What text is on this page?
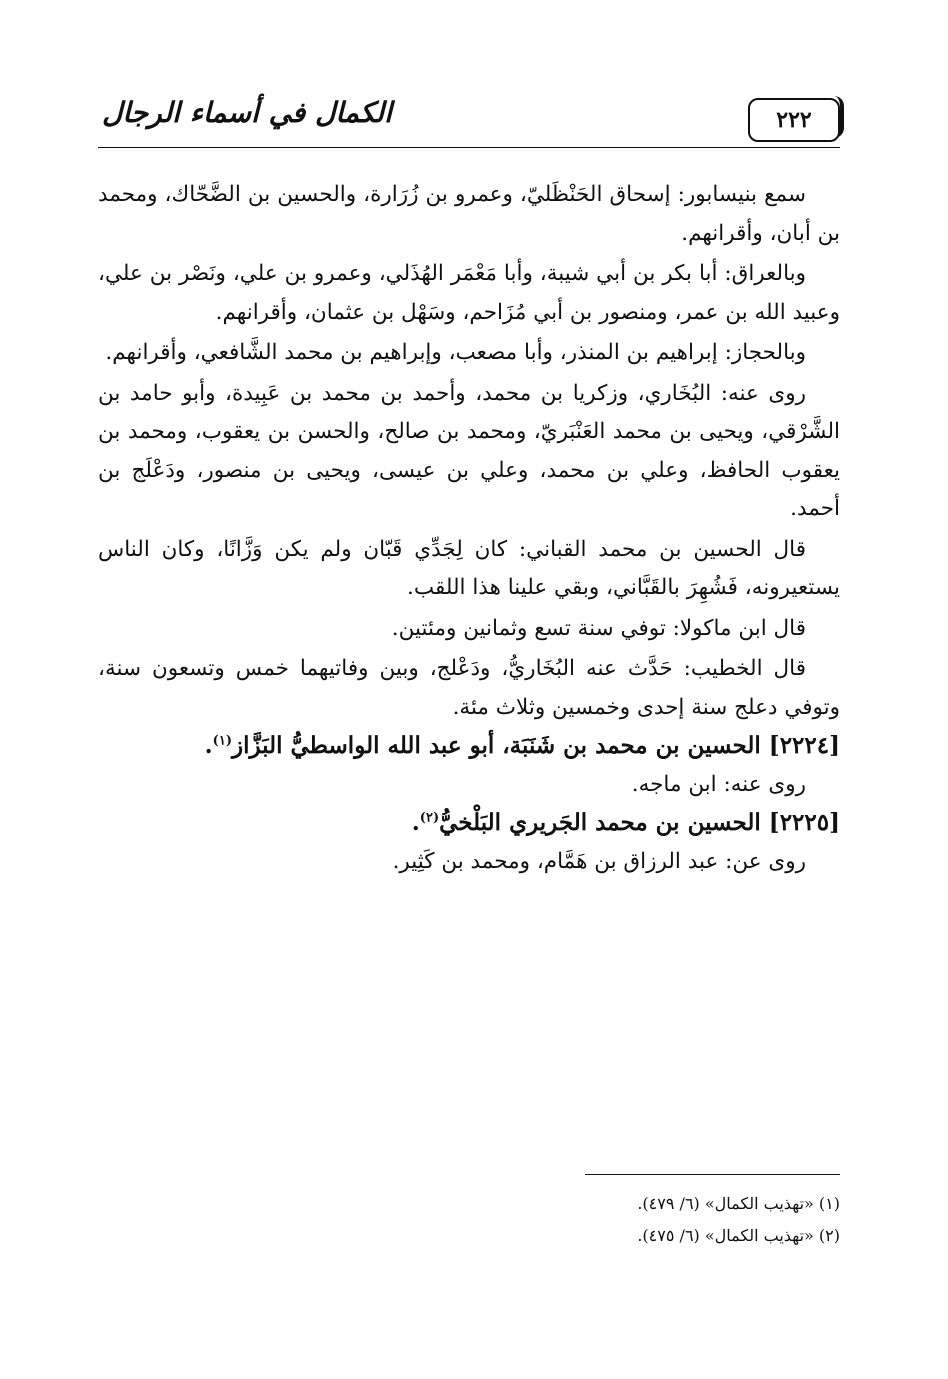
٢٢٢
الكمال في أسماء الرجال

سمع بنيسابور: إسحاق الحَنْظَليّ، وعمرو بن زُرَارة، والحسين بن الضَّحّاك، ومحمد بن أبان، وأقرانهم.

وبالعراق: أبا بكر بن أبي شيبة، وأبا مَعْمَر الهُذَلي، وعمرو بن علي، ونَصْر بن علي، وعبيد الله بن عمر، ومنصور بن أبي مُزَاحم، وسَهْل بن عثمان، وأقرانهم.

وبالحجاز: إبراهيم بن المنذر، وأبا مصعب، وإبراهيم بن محمد الشَّافعي، وأقرانهم.

روى عنه: البُخَاري، وزكريا بن محمد، وأحمد بن محمد بن عَبِيدة، وأبو حامد بن الشَّرْقي، ويحيى بن محمد العَنْبَريّ، ومحمد بن صالح، والحسن بن يعقوب، ومحمد بن يعقوب الحافظ، وعلي بن محمد، وعلي بن عيسى، ويحيى بن منصور، ودَعْلَج بن أحمد.

قال الحسين بن محمد القباني: كان لِجَدِّي قَبّان ولم يكن وَزَّانًا، وكان الناس يستعيرونه، فَشُهِرَ بالقَبَّاني، وبقي علينا هذا اللقب.

قال ابن ماكولا: توفي سنة تسع وثمانين ومئتين.

قال الخطيب: حَدَّث عنه البُخَاريُّ، ودَعْلج، وبين وفاتيهما خمس وتسعون سنة، وتوفي دعلج سنة إحدى وخمسين وثلاث مئة.

[٢٢٢٤] الحسين بن محمد بن شَنَبَة، أبو عبد الله الواسطيُّ البَزَّاز$^{(١)}$.

روى عنه: ابن ماجه.

[٢٢٢٥] الحسين بن محمد الجَريري البَلْخيُّ$^{(٢)}$.

روى عن: عبد الرزاق بن هَمَّام، ومحمد بن كَثِير.

(١) «تهذيب الكمال» (٦/ ٤٧٩).

(٢) «تهذيب الكمال» (٦/ ٤٧٥).
